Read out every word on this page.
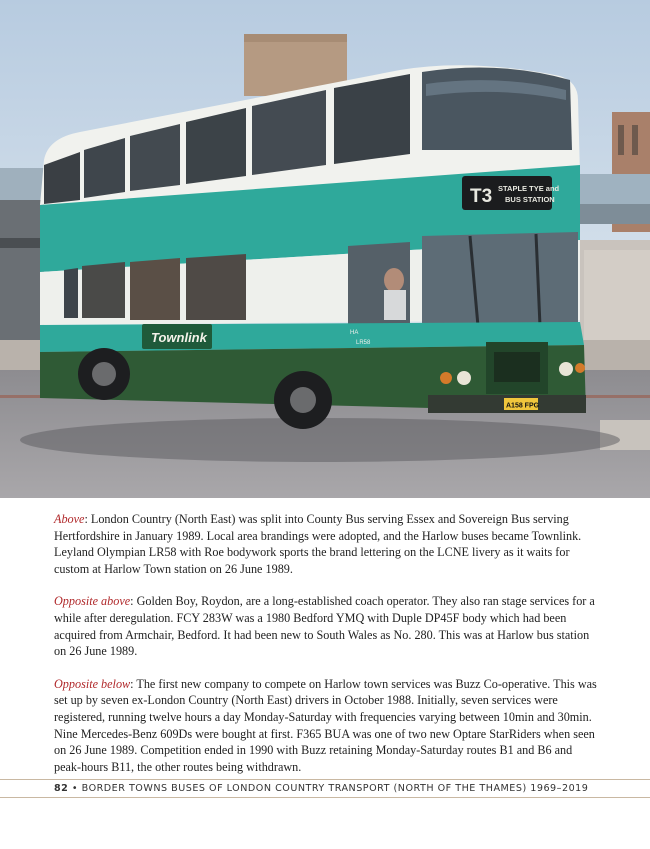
T3 STAPLE TYE and
BUS STATION
Townlink	HA
LR58
A158 FPG

Above: London Country (North East) was split into County Bus serving Essex and Sovereign Bus serving Hertfordshire in January 1989. Local area brandings were adopted, and the Harlow buses became Townlink. Leyland Olympian LR58 with Roe bodywork sports the brand lettering on the LCNE livery as it waits for custom at Harlow Town station on 26 June 1989.

Opposite above: Golden Boy, Roydon, are a long-established coach operator. They also ran stage services for a while after deregulation. FCY 283W was a 1980 Bedford YMQ with Duple DP45F body which had been acquired from Armchair, Bedford. It had been new to South Wales as No. 280. This was at Harlow bus station on 26 June 1989.

Opposite below: The first new company to compete on Harlow town services was Buzz Co-operative. This was set up by seven ex-London Country (North East) drivers in October 1988. Initially, seven services were registered, running twelve hours a day Monday-Saturday with frequencies varying between 10min and 30min. Nine Mercedes-Benz 609Ds were bought at first. F365 BUA was one of two new Optare StarRiders when seen on 26 June 1989. Competition ended in 1990 with Buzz retaining Monday-Saturday routes B1 and B6 and peak-hours B11, the other routes being withdrawn.

82 • BORDER TOWNS BUSES OF LONDON COUNTRY TRANSPORT (NORTH OF THE THAMES) 1969–2019
